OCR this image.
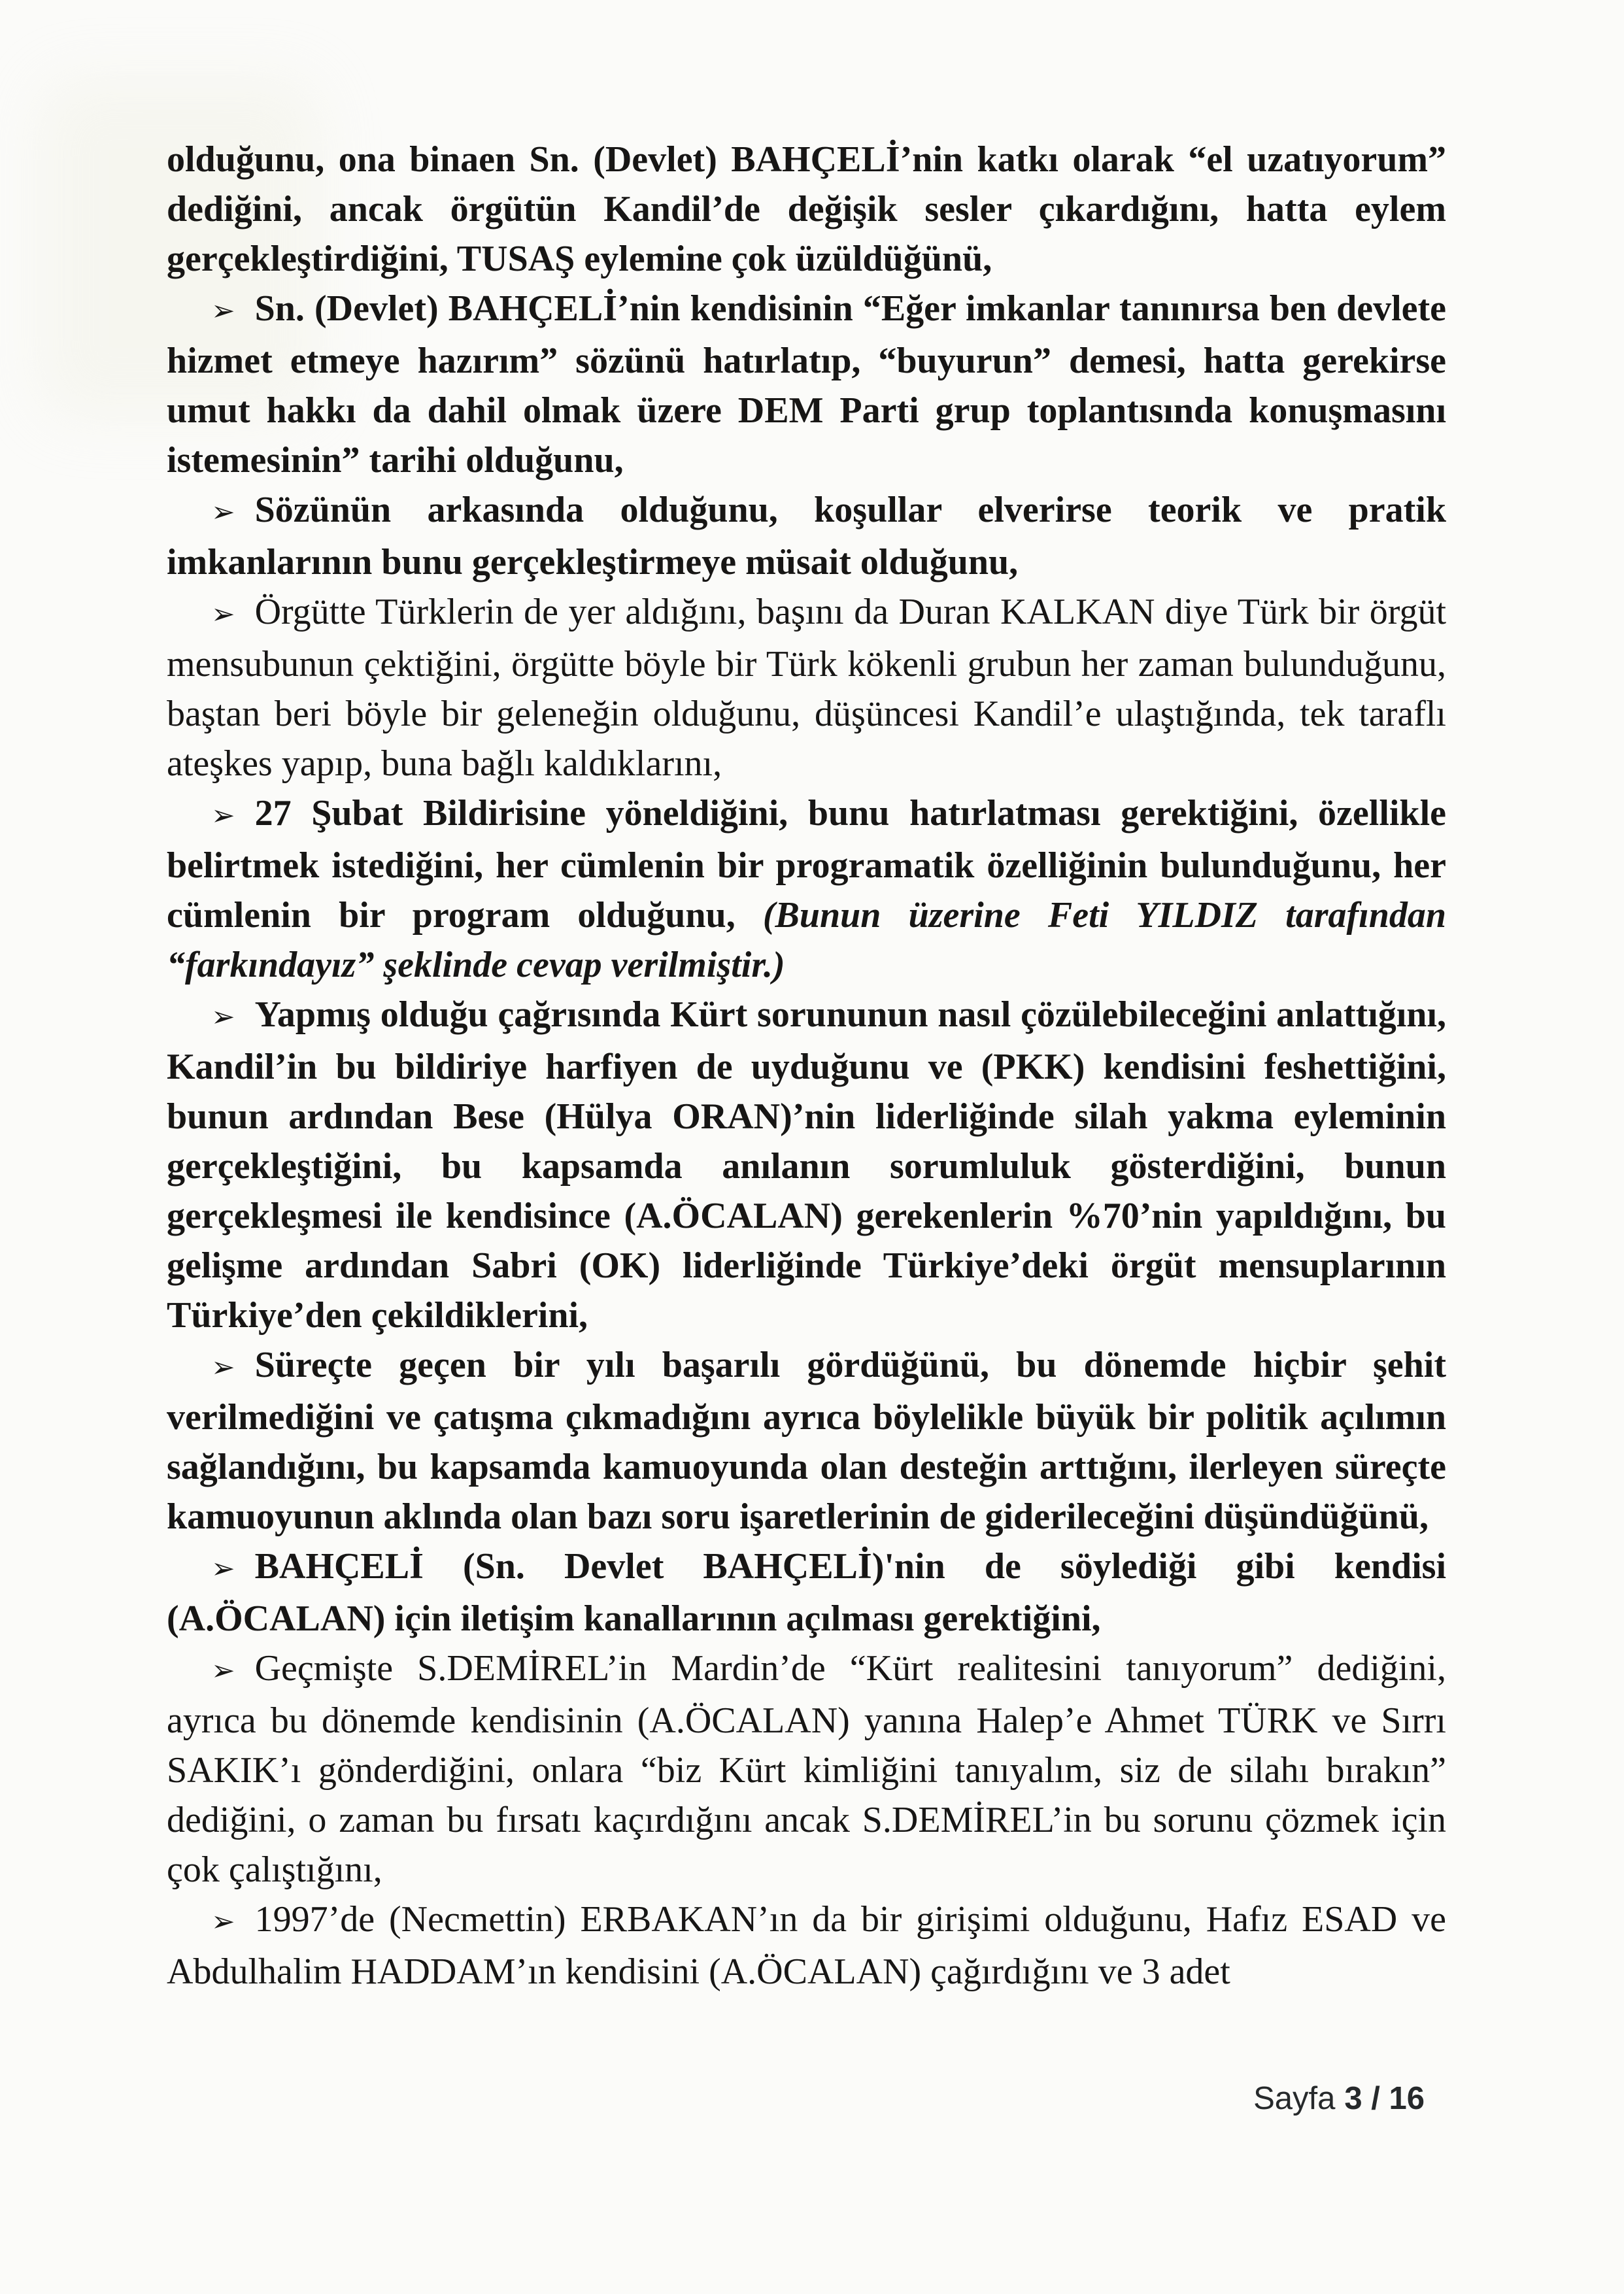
olduğunu, ona binaen Sn. (Devlet) BAHÇELİ’nin katkı olarak “el uzatıyorum” dediğini, ancak örgütün Kandil’de değişik sesler çıkardığını, hatta eylem gerçekleştirdiğini, TUSAŞ eylemine çok üzüldüğünü,

➢ Sn. (Devlet) BAHÇELİ’nin kendisinin “Eğer imkanlar tanınırsa ben devlete hizmet etmeye hazırım” sözünü hatırlatıp, “buyurun” demesi, hatta gerekirse umut hakkı da dahil olmak üzere DEM Parti grup toplantısında konuşmasını istemesinin” tarihi olduğunu,

➢ Sözünün arkasında olduğunu, koşullar elverirse teorik ve pratik imkanlarının bunu gerçekleştirmeye müsait olduğunu,

➢ Örgütte Türklerin de yer aldığını, başını da Duran KALKAN diye Türk bir örgüt mensubunun çektiğini, örgütte böyle bir Türk kökenli grubun her zaman bulunduğunu, baştan beri böyle bir geleneğin olduğunu, düşüncesi Kandil’e ulaştığında, tek taraflı ateşkes yapıp, buna bağlı kaldıklarını,

➢ 27 Şubat Bildirisine yöneldiğini, bunu hatırlatması gerektiğini, özellikle belirtmek istediğini, her cümlenin bir programatik özelliğinin bulunduğunu, her cümlenin bir program olduğunu, (Bunun üzerine Feti YILDIZ tarafından “farkındayız” şeklinde cevap verilmiştir.)

➢ Yapmış olduğu çağrısında Kürt sorununun nasıl çözülebileceğini anlattığını, Kandil’in bu bildiriye harfiyen de uyduğunu ve (PKK) kendisini feshettiğini, bunun ardından Bese (Hülya ORAN)’nin liderliğinde silah yakma eyleminin gerçekleştiğini, bu kapsamda anılanın sorumluluk gösterdiğini, bunun gerçekleşmesi ile kendisince (A.ÖCALAN) gerekenlerin %70’nin yapıldığını, bu gelişme ardından Sabri (OK) liderliğinde Türkiye’deki örgüt mensuplarının Türkiye’den çekildiklerini,

➢ Süreçte geçen bir yılı başarılı gördüğünü, bu dönemde hiçbir şehit verilmediğini ve çatışma çıkmadığını ayrıca böylelikle büyük bir politik açılımın sağlandığını, bu kapsamda kamuoyunda olan desteğin arttığını, ilerleyen süreçte kamuoyunun aklında olan bazı soru işaretlerinin de giderileceğini düşündüğünü,

➢ BAHÇELİ (Sn. Devlet BAHÇELİ)'nin de söylediği gibi kendisi (A.ÖCALAN) için iletişim kanallarının açılması gerektiğini,

➢ Geçmişte S.DEMİREL’in Mardin’de “Kürt realitesini tanıyorum” dediğini, ayrıca bu dönemde kendisinin (A.ÖCALAN) yanına Halep’e Ahmet TÜRK ve Sırrı SAKIK’ı gönderdiğini, onlara “biz Kürt kimliğini tanıyalım, siz de silahı bırakın” dediğini, o zaman bu fırsatı kaçırdığını ancak S.DEMİREL’in bu sorunu çözmek için çok çalıştığını,

➢ 1997’de (Necmettin) ERBAKAN’ın da bir girişimi olduğunu, Hafız ESAD ve Abdulhalim HADDAM’ın kendisini (A.ÖCALAN) çağırdığını ve 3 adet

Sayfa 3 / 16
